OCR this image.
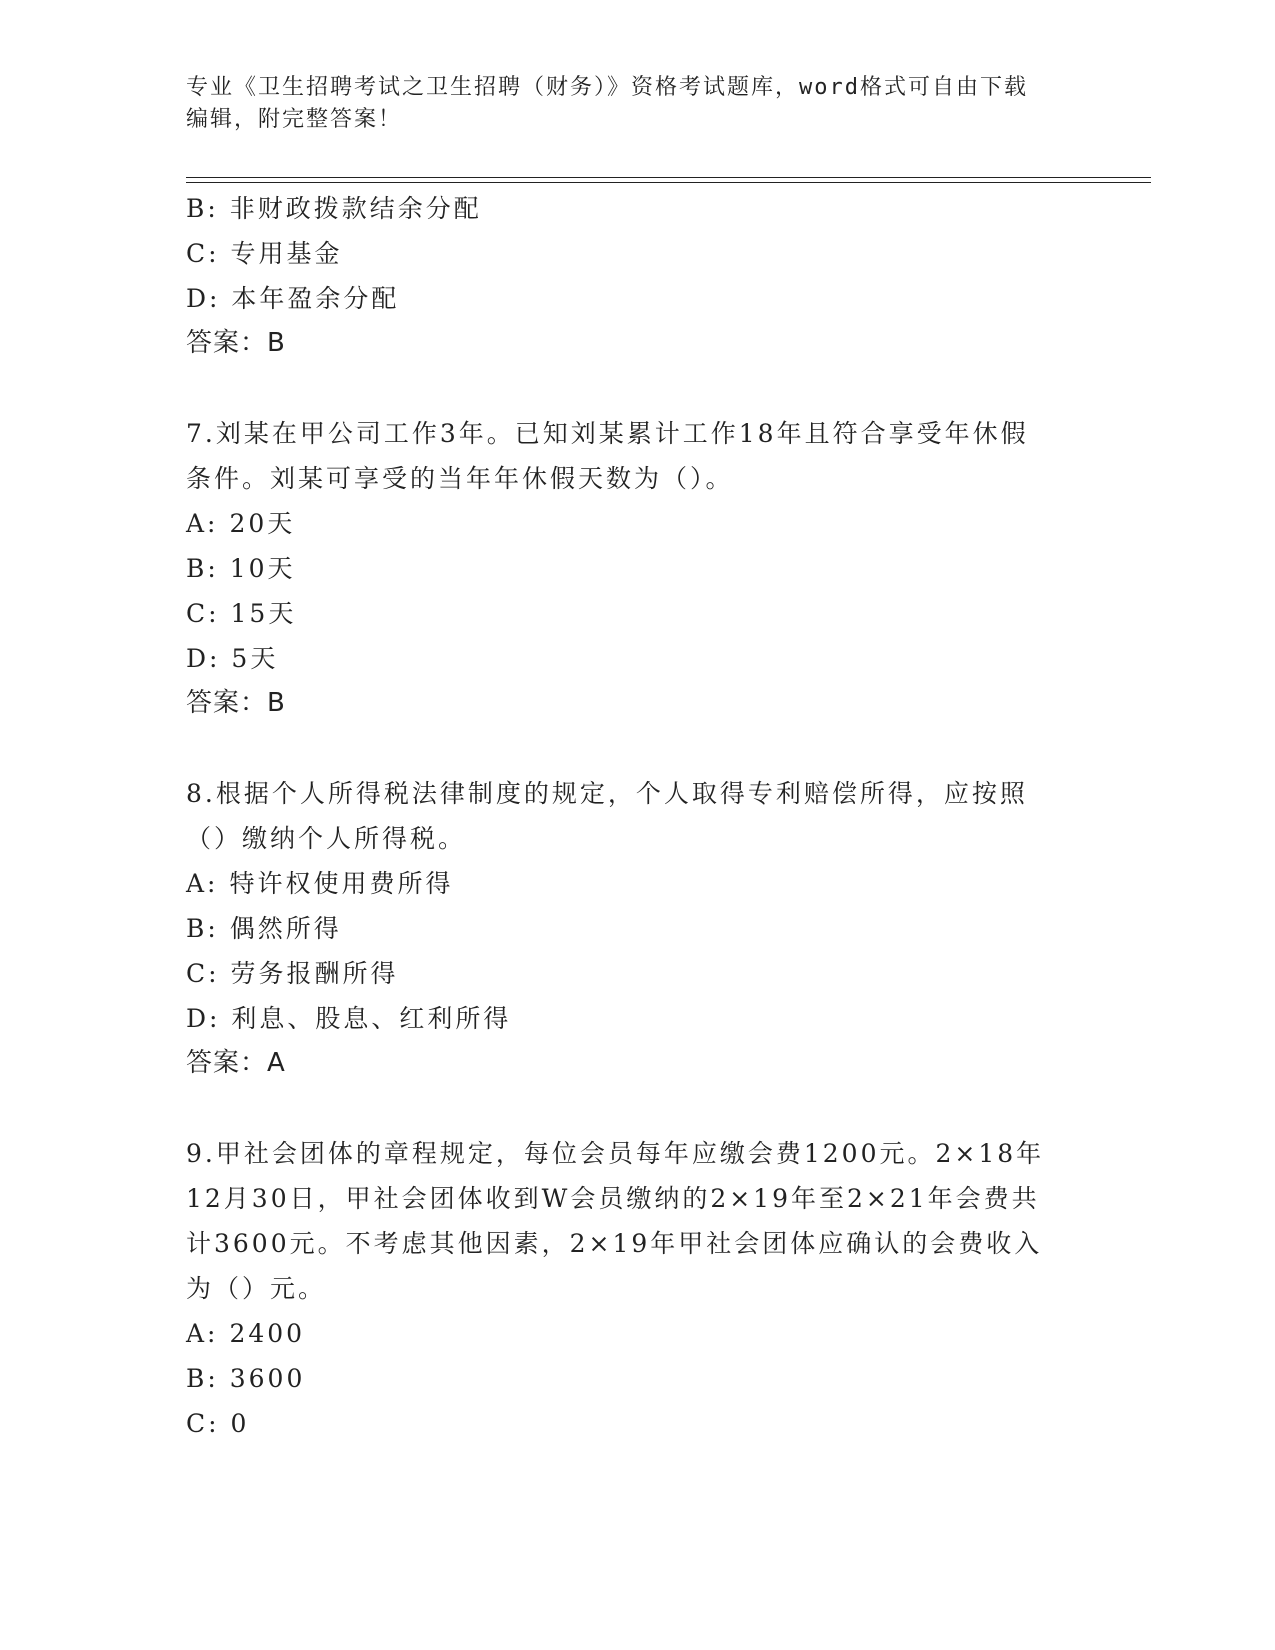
专业《卫生招聘考试之卫生招聘（财务）》资格考试题库，word格式可自由下载
编辑，附完整答案！
B: 非财政拨款结余分配
C: 专用基金
D: 本年盈余分配
答案：B
7.刘某在甲公司工作3年。已知刘某累计工作18年且符合享受年休假
条件。刘某可享受的当年年休假天数为（）。
A: 20天
B: 10天
C: 15天
D: 5天
答案：B
8.根据个人所得税法律制度的规定，个人取得专利赔偿所得，应按照
（）缴纳个人所得税。
A: 特许权使用费所得
B: 偶然所得
C: 劳务报酬所得
D: 利息、股息、红利所得
答案：A
9.甲社会团体的章程规定，每位会员每年应缴会费1200元。2×18年
12月30日，甲社会团体收到W会员缴纳的2×19年至2×21年会费共
计3600元。不考虑其他因素，2×19年甲社会团体应确认的会费收入
为（）元。
A: 2400
B: 3600
C: 0
